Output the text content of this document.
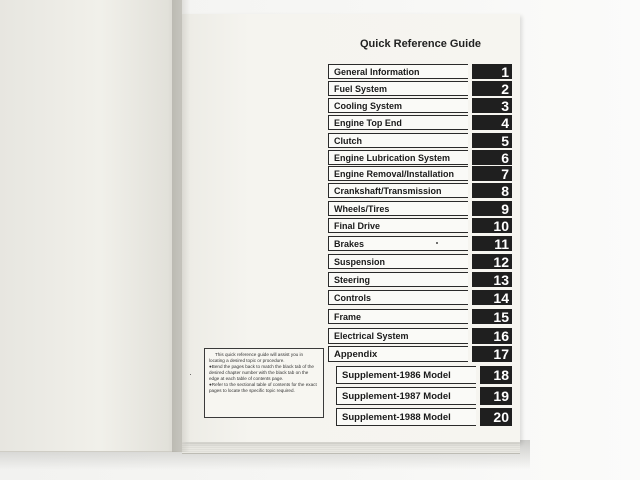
Quick Reference Guide
General Information	1
Fuel System	2
Cooling System	3
Engine Top End	4
Clutch	5
Engine Lubrication System	6
Engine Removal/Installation	7
Crankshaft/Transmission	8
Wheels/Tires	9
Final Drive	10
Brakes	11
Suspension	12
Steering	13
Controls	14
Frame	15
Electrical System	16
Appendix	17
Supplement-1986 Model	18
Supplement-1987 Model	19
Supplement-1988 Model	20

This quick reference guide will assist you in locating a desired topic or procedure.

●Bend the pages back to match the black tab of the desired chapter number with the black tab on the edge at each table of contents page.

●Refer to the sectional table of contents for the exact pages to locate the specific topic required.
